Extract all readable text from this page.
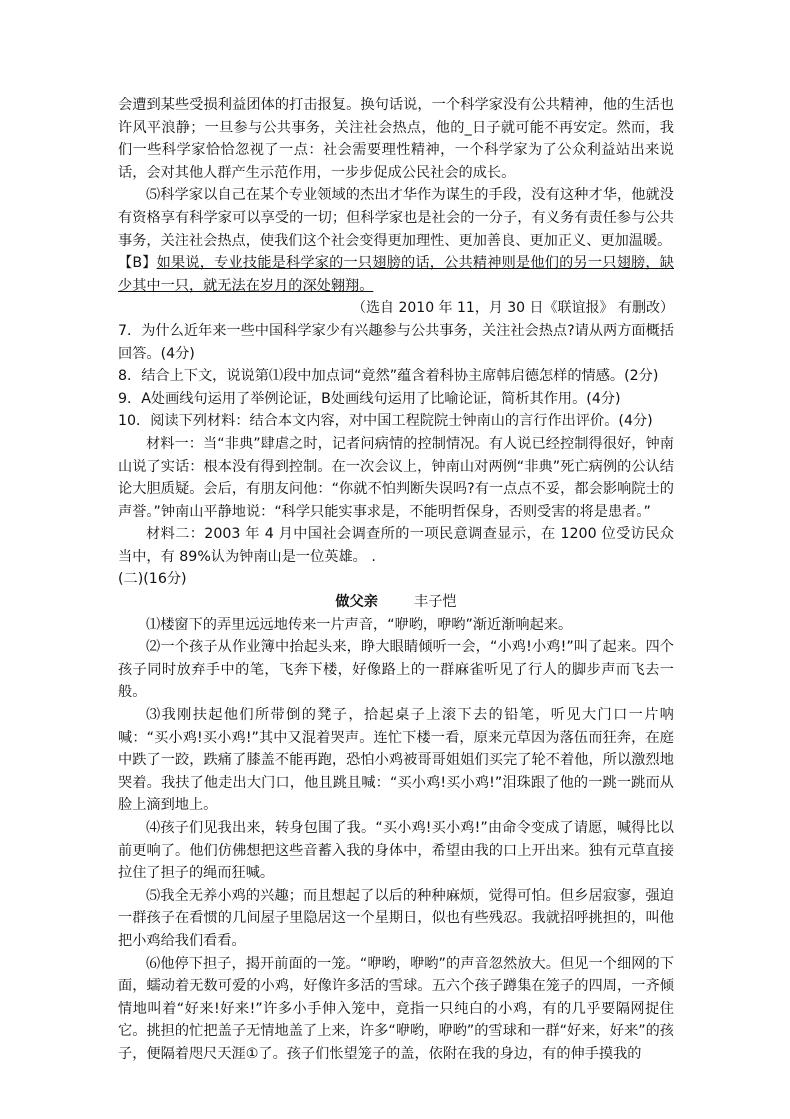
会遭到某些受损利益团体的打击报复。换句话说，一个科学家没有公共精神，他的生活也许风平浪静；一旦参与公共事务，关注社会热点，他的_日子就可能不再安定。然而，我们一些科学家恰恰忽视了一点：社会需要理性精神，一个科学家为了公众利益站出来说话，会对其他人群产生示范作用，一步步促成公民社会的成长。

⑸科学家以自己在某个专业领域的杰出才华作为谋生的手段，没有这种才华，他就没有资格享有科学家可以享受的一切；但科学家也是社会的一分子，有义务有责任参与公共事务，关注社会热点，使我们这个社会变得更加理性、更加善良、更加正义、更加温暖。

【B】如果说，专业技能是科学家的一只翅膀的话，公共精神则是他们的另一只翅膀，缺少其中一只，就无法在岁月的深处翱翔。

（选自 2010 年 11，月 30 日《联谊报》 有删改）

7．为什么近年来一些中国科学家少有兴趣参与公共事务，关注社会热点?请从两方面概括回答。(4分)

8．结合上下文，说说第⑴段中加点词“竟然”蕴含着科协主席韩启德怎样的情感。(2分)

9．A处画线句运用了举例论证，B处画线句运用了比喻论证，简析其作用。(4分)

10．阅读下列材料：结合本文内容，对中国工程院院士钟南山的言行作出评价。(4分)

材料一：当“非典”肆虐之时，记者问病情的控制情况。有人说已经控制得很好，钟南山说了实话：根本没有得到控制。在一次会议上，钟南山对两例“非典”死亡病例的公认结论大胆质疑。会后，有朋友问他：“你就不怕判断失误吗?有一点点不妥，都会影响院士的声誉。”钟南山平静地说：“科学只能实事求是，不能明哲保身，否则受害的将是患者。”

材料二：2003 年 4 月中国社会调查所的一项民意调查显示，在 1200 位受访民众当中，有 89%认为钟南山是一位英雄。 .

(二)(16分)

做父亲	丰子恺

⑴楼窗下的弄里远远地传来一片声音，“咿哟，咿哟”渐近渐响起来。

⑵一个孩子从作业簿中抬起头来，睁大眼睛倾听一会，“小鸡!小鸡!”叫了起来。四个孩子同时放弃手中的笔，飞奔下楼，好像路上的一群麻雀听见了行人的脚步声而飞去一般。

⑶我刚扶起他们所带倒的凳子，拾起桌子上滚下去的铅笔，听见大门口一片呐喊：“买小鸡!买小鸡!”其中又混着哭声。连忙下楼一看，原来元草因为落伍而狂奔，在庭中跌了一跤，跌痛了膝盖不能再跑，恐怕小鸡被哥哥姐姐们买完了轮不着他，所以激烈地哭着。我扶了他走出大门口，他且跳且喊：“买小鸡!买小鸡!”泪珠跟了他的一跳一跳而从脸上滴到地上。

⑷孩子们见我出来，转身包围了我。“买小鸡!买小鸡!”由命令变成了请愿，喊得比以前更响了。他们仿佛想把这些音蓄入我的身体中，希望由我的口上开出来。独有元草直接拉住了担子的绳而狂喊。

⑸我全无养小鸡的兴趣；而且想起了以后的种种麻烦，觉得可怕。但乡居寂寥，强迫一群孩子在看惯的几间屋子里隐居这一个星期日，似也有些残忍。我就招呼挑担的，叫他把小鸡给我们看看。

⑹他停下担子，揭开前面的一笼。“咿哟，咿哟”的声音忽然放大。但见一个细网的下面，蠕动着无数可爱的小鸡，好像许多活的雪球。五六个孩子蹲集在笼子的四周，一齐倾情地叫着“好来!好来!”许多小手伸入笼中，竟指一只纯白的小鸡，有的几乎要隔网捉住它。挑担的忙把盖子无情地盖了上来，许多“咿哟，咿哟”的雪球和一群“好来，好来”的孩子，便隔着咫尺天涯①了。孩子们怅望笼子的盖，依附在我的身边，有的伸手摸我的
